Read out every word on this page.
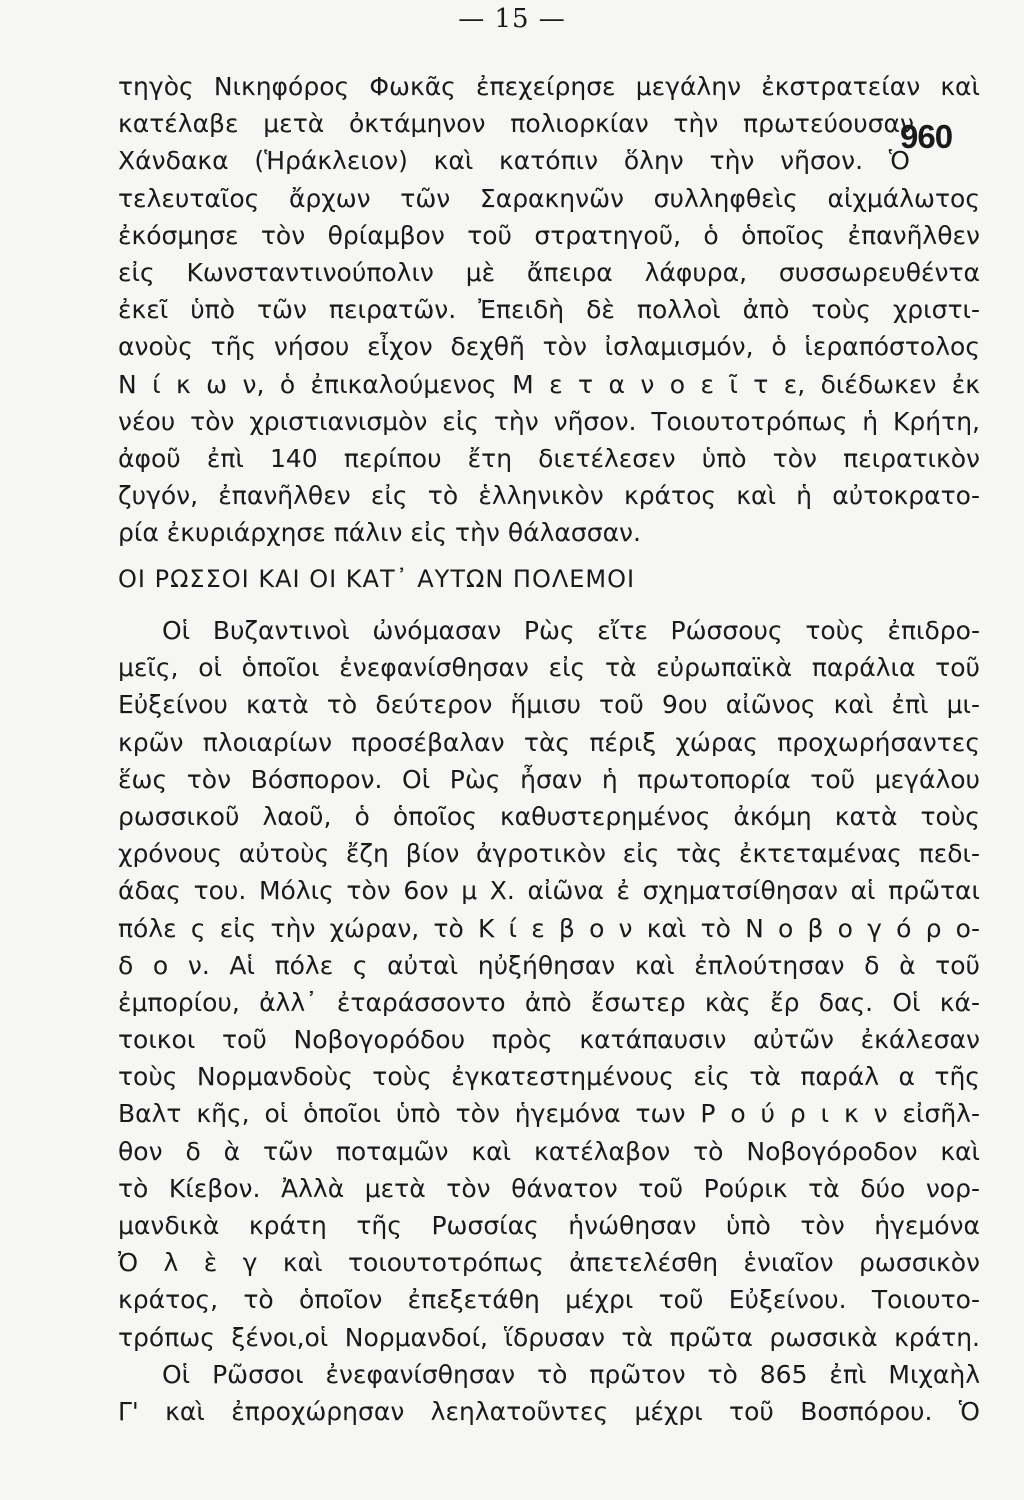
— 15 —
960
τηγὸς Νικηφόρος Φωκᾶς ἐπεχείρησε μεγάλην ἐκστρατείαν καὶ
κατέλαβε μετὰ ὀκτάμηνον πολιορκίαν τὴν πρωτεύουσαν
Χάνδακα (Ἡράκλειον) καὶ κατόπιν ὅλην τὴν νῆσον. Ὁ
τελευταῖος ἄρχων τῶν Σαρακηνῶν συλληφθεὶς αἰχμάλωτος
ἐκόσμησε τὸν θρίαμβον τοῦ στρατηγοῦ, ὁ ὁποῖος ἐπανῆλθεν
εἰς Κωνσταντινούπολιν μὲ ἄπειρα λάφυρα, συσσωρευθέντα
ἐκεῖ ὑπὸ τῶν πειρατῶν. Ἐπειδὴ δὲ πολλοὶ ἀπὸ τοὺς χριστι-
ανοὺς τῆς νήσου εἶχον δεχθῆ τὸν ἰσλαμισμόν, ὁ ἱεραπόστολος
Ν ί κ ω ν, ὁ ἐπικαλούμενος Μ ε τ α ν ο ε ῖ τ ε, διέδωκεν ἐκ
νέου τὸν χριστιανισμὸν εἰς τὴν νῆσον. Τοιουτοτρόπως ἡ Κρήτη,
ἀφοῦ ἐπὶ 140 περίπου ἔτη διετέλεσεν ὑπὸ τὸν πειρατικὸν
ζυγόν, ἐπανῆλθεν εἰς τὸ ἑλληνικὸν κράτος καὶ ἡ αὐτοκρατο-
ρία ἐκυριάρχησε πάλιν εἰς τὴν θάλασσαν.
ΟΙ ΡΩΣΣΟΙ ΚΑΙ ΟΙ ΚΑΤ᾿ ΑΥΤΩΝ ΠΟΛΕΜΟΙ
Οἱ Βυζαντινοὶ ὠνόμασαν Ρὼς εἴτε Ρώσσους τοὺς ἐπιδρο-
μεῖς, οἱ ὁποῖοι ἐνεφανίσθησαν εἰς τὰ εὐρωπαϊκὰ παράλια τοῦ
Εὐξείνου κατὰ τὸ δεύτερον ἥμισυ τοῦ 9ου αἰῶνος καὶ ἐπὶ μι-
κρῶν πλοιαρίων προσέβαλαν τὰς πέριξ χώρας προχωρήσαντες
ἕως τὸν Βόσπορον. Οἱ Ρὼς ἦσαν ἡ πρωτοπορία τοῦ μεγάλου
ρωσσικοῦ λαοῦ, ὁ ὁποῖος καθυστερημένος ἀκόμη κατὰ τοὺς
χρόνους αὐτοὺς ἔζη βίον ἀγροτικὸν εἰς τὰς ἐκτεταμένας πεδι-
άδας του. Μόλις τὸν 6ον μ Χ. αἰῶνα ἐ σχηματσίθησαν αἱ πρῶται
πόλε ς εἰς τὴν χώραν, τὸ Κ ί ε β ο ν καὶ τὸ Ν ο β ο γ ό ρ ο-
δ ο ν. Αἱ πόλε ς αὐταὶ ηὐξήθησαν καὶ ἐπλούτησαν δ ὰ τοῦ
ἐμπορίου, ἀλλ᾿ ἐταράσσοντο ἀπὸ ἔσωτερ κὰς ἔρ δας. Οἱ κά-
τοικοι τοῦ Νοβογορόδου πρὸς κατάπαυσιν αὐτῶν ἐκάλεσαν
τοὺς Νορμανδοὺς τοὺς ἐγκατεστημένους εἰς τὰ παράλ α τῆς
Βαλτ κῆς, οἱ ὁποῖοι ὑπὸ τὸν ἡγεμόνα των Ρ ο ύ ρ ι κ ν εἰσῆλ-
θον δ ὰ τῶν ποταμῶν καὶ κατέλαβον τὸ Νοβογόροδον καὶ
τὸ Κίεβον. Ἀλλὰ μετὰ τὸν θάνατον τοῦ Ρούρικ τὰ δύο νορ-
μανδικὰ κράτη τῆς Ρωσσίας ἡνώθησαν ὑπὸ τὸν ἡγεμόνα
Ὀ λ ὲ γ καὶ τοιουτοτρόπως ἀπετελέσθη ἑνιαῖον ρωσσικὸν
κράτος, τὸ ὁποῖον ἐπεξετάθη μέχρι τοῦ Εὐξείνου. Τοιουτο-
τρόπως ξένοι,οἱ Νορμανδοί, ἵδρυσαν τὰ πρῶτα ρωσσικὰ κράτη.
Οἱ Ρῶσσοι ἐνεφανίσθησαν τὸ πρῶτον τὸ 865 ἐπὶ Μιχαὴλ
Γ' καὶ ἐπροχώρησαν λεηλατοῦντες μέχρι τοῦ Βοσπόρου. Ὁ
